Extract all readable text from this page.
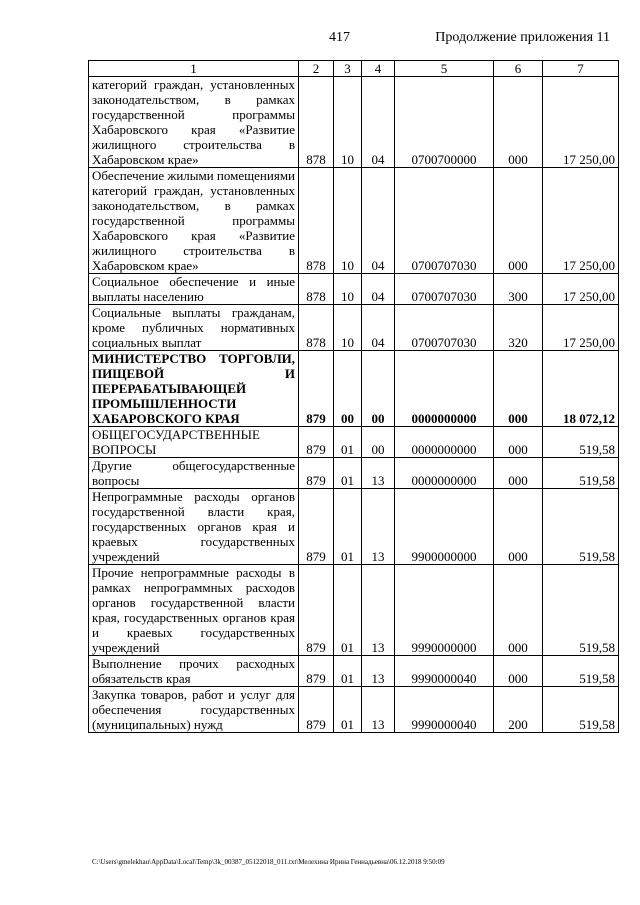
417	Продолжение приложения 11
1	2	3	4	5	6	7
категорий граждан, установленных законодательством, в рамках государственной программы Хабаровского края «Развитие жилищного строительства в Хабаровском крае»	878	10	04	0700700000	000	17 250,00
Обеспечение жилыми помещениями категорий граждан, установленных законодательством, в рамках государственной программы Хабаровского края «Развитие жилищного строительства в Хабаровском крае»	878	10	04	0700707030	000	17 250,00
Социальное обеспечение и иные выплаты населению	878	10	04	0700707030	300	17 250,00
Социальные выплаты гражданам, кроме публичных нормативных социальных выплат	878	10	04	0700707030	320	17 250,00
МИНИСТЕРСТВО ТОРГОВЛИ, ПИЩЕВОЙ И ПЕРЕРАБАТЫВАЮЩЕЙ ПРОМЫШЛЕННОСТИ ХАБАРОВСКОГО КРАЯ	879	00	00	0000000000	000	18 072,12
ОБЩЕГОСУДАРСТВЕННЫЕ ВОПРОСЫ	879	01	00	0000000000	000	519,58
Другие общегосударственные вопросы	879	01	13	0000000000	000	519,58
Непрограммные расходы органов государственной власти края, государственных органов края и краевых государственных учреждений	879	01	13	9900000000	000	519,58
Прочие непрограммные расходы в рамках непрограммных расходов органов государственной власти края, государственных органов края и краевых государственных учреждений	879	01	13	9990000000	000	519,58
Выполнение прочих расходных обязательств края	879	01	13	9990000040	000	519,58
Закупка товаров, работ и услуг для обеспечения государственных (муниципальных) нужд	879	01	13	9990000040	200	519,58
C:\Users\gmelekhau\AppData\Local\Temp\3k_00387_05122018_011.txt\Мелехина Ирина Геннадьевна\06.12.2018 9:50:09
